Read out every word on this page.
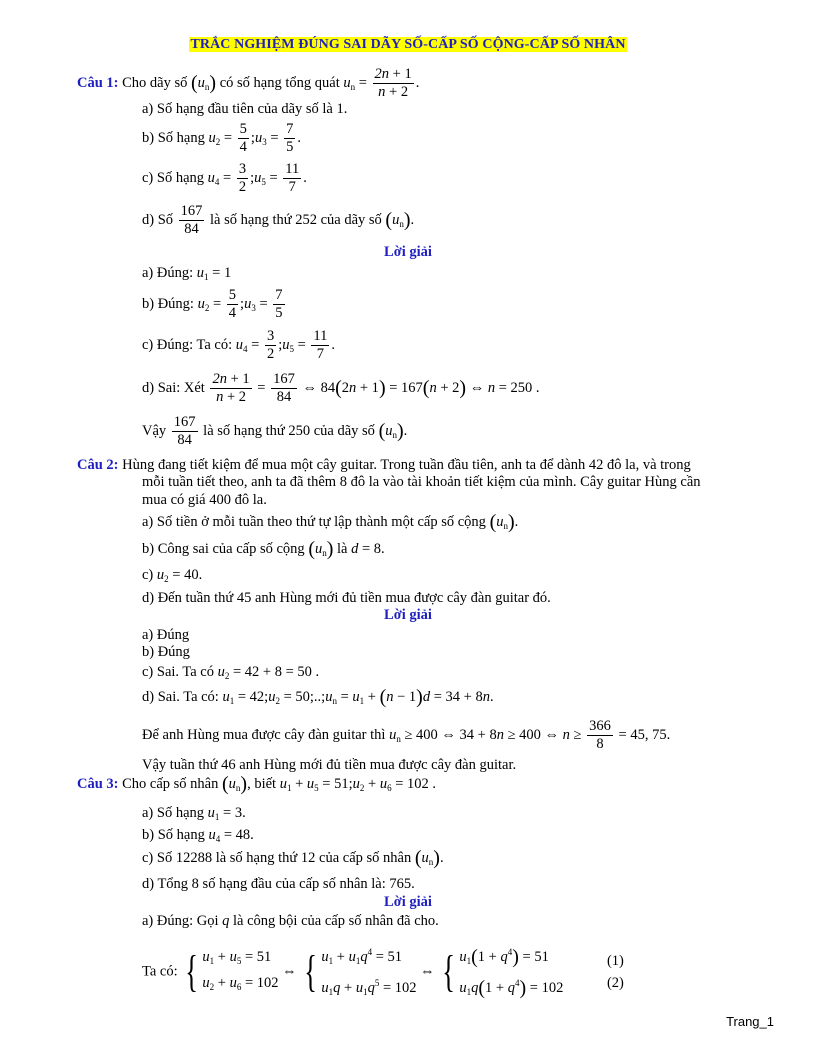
TRẮC NGHIỆM ĐÚNG SAI DÃY SỐ-CẤP SỐ CỘNG-CẤP SỐ NHÂN
Câu 1: Cho dãy số $(u_n)$ có số hạng tổng quát $u_n = \frac{2n + 1}{n + 2}$ .
a) Số hạng đầu tiên của dãy số là 1.
b) Số hạng $u_2 = \frac{5}{4}$ $;u_3 = \frac{7}{5}$ .
c) Số hạng $u_4 = \frac{3}{2}$ $;u_5 = \frac{11}{7}$ .
d) Số $\frac{167}{84}$ là số hạng thứ 252 của dãy số $(u_n)$.
Lời giải
a) Đúng: $u_1 = 1$
b) Đúng: $u_2 = \frac{5}{4}$ $;u_3 = \frac{7}{5}$
c) Đúng: Ta có: $u_4 = \frac{3}{2}$ $;u_5 = \frac{11}{7}$ .
d) Sai: Xét $\frac{2n + 1}{n + 2} = \frac{167}{84}$ ⇔ 84(2n + 1) = 167(n + 2) ⇔ n = 250 .
Vậy $\frac{167}{84}$ là số hạng thứ 250 của dãy số $(u_n)$.
Câu 2: Hùng đang tiết kiệm để mua một cây guitar. Trong tuần đầu tiên, anh ta để dành 42 đô la, và trong
mỗi tuần tiết theo, anh ta đã thêm 8 đô la vào tài khoản tiết kiệm của mình. Cây guitar Hùng cần
mua có giá 400 đô la.
a) Số tiền ở mỗi tuần theo thứ tự lập thành một cấp số cộng $(u_n)$.
b) Công sai của cấp số cộng $(u_n)$ là d = 8.
c) $u_2 = 40$.
d) Đến tuần thứ 45 anh Hùng mới đủ tiền mua được cây đàn guitar đó.
Lời giải
a) Đúng
b) Đúng
c) Sai. Ta có $u_2 = 42 + 8 = 50$ .
d) Sai. Ta có: $u_1$ = $42;u_2$ = $50;..;u_n = u_1 + (n - 1)d = 34 + 8n$.
Để anh Hùng mua được cây đàn guitar thì $u_n \ge 400$ ⇔ 34 + 8n ≥ 400 ⇔ $n \ge \frac{366}{8} = 45$, 75.
Vậy tuần thứ 46 anh Hùng mới đủ tiền mua được cây đàn guitar.
Câu 3: Cho cấp số nhân $(u_n)$, biết $u_1 + u_5$ = $51;u_2 + u_6 = 102$ .
a) Số hạng $u_1 = 3$.
b) Số hạng $u_4 = 48$.
c) Số 12288 là số hạng thứ 12 của cấp số nhân $(u_n)$.
d) Tổng 8 số hạng đầu của cấp số nhân là: 765.
Lời giải
a) Đúng: Gọi q là công bội của cấp số nhân đã cho.
Ta có: { $u_1 + u_5 = 51$
$u_2 + u_6 = 102$ ⇔ { $u_1 + u_1q^4 = 51$
$u_1q + u_1q^5 = 102$ ⇔ { $u_1(1 + q^4) = 51$
$u_1q(1 + q^4) = 102$ (1)
(2)
Trang_1
